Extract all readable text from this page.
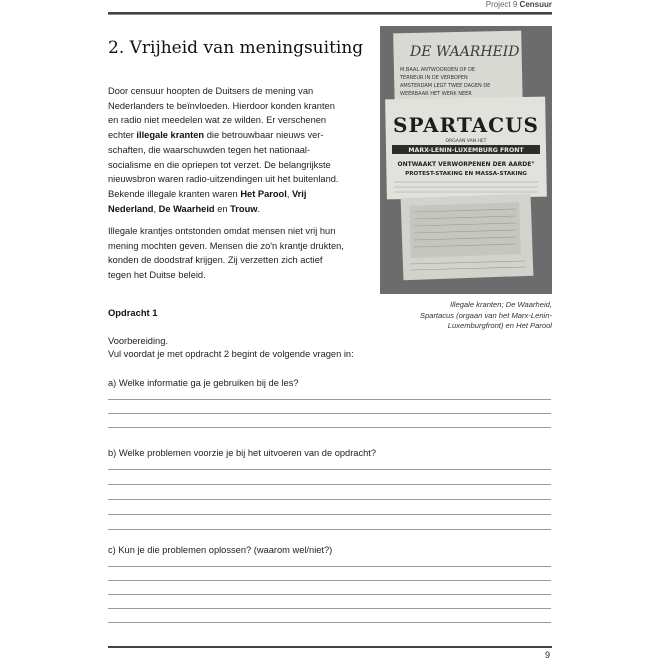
Project 9 Censuur
2. Vrijheid van meningsuiting
Door censuur hoopten de Duitsers de mening van
Nederlanders te beïnvloeden. Hierdoor konden kranten
en radio niet meedelen wat ze wilden. Er verschenen
echter illegale kranten die betrouwbaar nieuws ver-
schaften, die waarschuwden tegen het nationaal-
socialisme en die opriepen tot verzet. De belangrijkste
nieuwsbron waren radio-uitzendingen uit het buitenland.
Bekende illegale kranten waren Het Parool, Vrij
Nederland, De Waarheid en Trouw.
Illegale krantjes ontstonden omdat mensen niet vrij hun
mening mochten geven. Mensen die zo'n krantje drukten,
konden de doodstraf krijgen. Zij verzetten zich actief
tegen het Duitse beleid.
DE WAARHEID
M.BAAL ANTWOORDEN OP DE
TERREUR IN DE VERBOPEN
AMSTERDAM LEGT TWEE DAGEN DE
WEERBAAR HET WERK NEER
SPARTACUS
ORGAAN VAN HET
MARX-LENIN-LUXEMBURG FRONT
ONTWAAKT VERWORPENEN DER AARDE"
PROTEST-STAKING EN MASSA-STAKING
Illegale kranten; De Waarheid,
Spartacus (orgaan van het Marx-Lenin-
Luxemburgfront) en Het Parool
Opdracht 1
Voorbereiding.
Vul voordat je met opdracht 2 begint de volgende vragen in:
a) Welke informatie ga je gebruiken bij de les?
b) Welke problemen voorzie je bij het uitvoeren van de opdracht?
c) Kun je die problemen oplossen? (waarom wel/niet?)
9
